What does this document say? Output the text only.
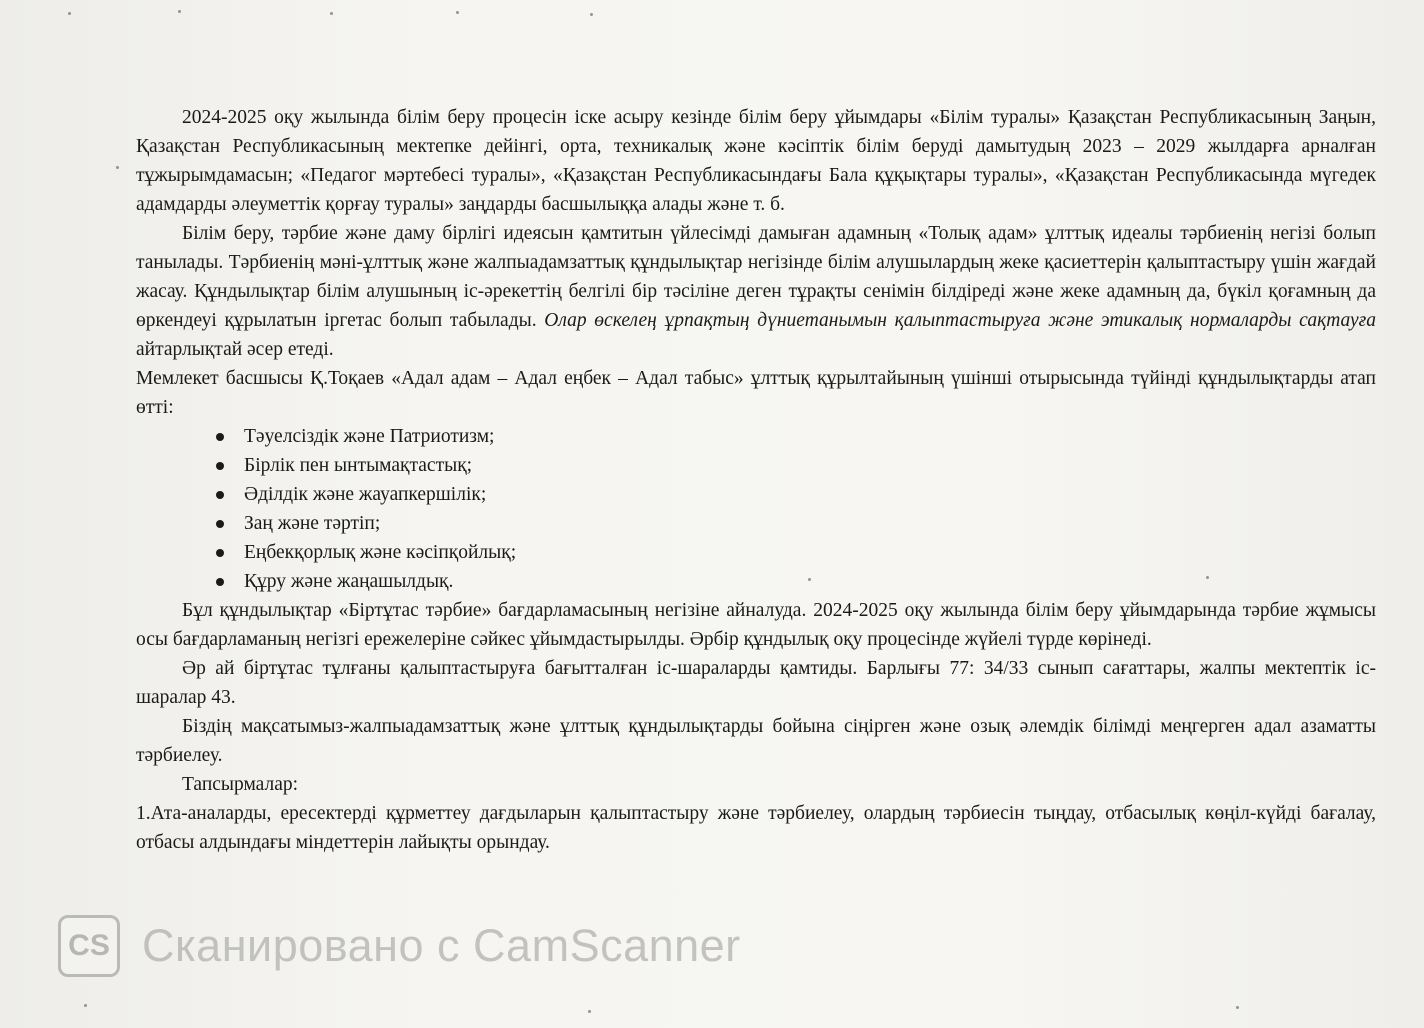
2024-2025 оқу жылында білім беру процесін іске асыру кезінде білім беру ұйымдары «Білім туралы» Қазақстан Республикасының Заңын, Қазақстан Республикасының мектепке дейінгі, орта, техникалық және кәсіптік білім беруді дамытудың 2023 – 2029 жылдарға арналған тұжырымдамасын; «Педагог мәртебесі туралы», «Қазақстан Республикасындағы Бала құқықтары туралы», «Қазақстан Республикасында мүгедек адамдарды әлеуметтік қорғау туралы» заңдарды басшылыққа алады және т. б.

Білім беру, тәрбие және даму бірлігі идеясын қамтитын үйлесімді дамыған адамның «Толық адам» ұлттық идеалы тәрбиенің негізі болып танылады. Тәрбиенің мәні-ұлттық және жалпыадамзаттық құндылықтар негізінде білім алушылардың жеке қасиеттерін қалыптастыру үшін жағдай жасау. Құндылықтар білім алушының іс-әрекеттің белгілі бір тәсіліне деген тұрақты сенімін білдіреді және жеке адамның да, бүкіл қоғамның да өркендеуі құрылатын іргетас болып табылады. Олар өскелең ұрпақтың дүниетанымын қалыптастыруға және этикалық нормаларды сақтауға айтарлықтай әсер етеді.

Мемлекет басшысы Қ.Тоқаев «Адал адам – Адал еңбек – Адал табыс» ұлттық құрылтайының үшінші отырысында түйінді құндылықтарды атап өтті:

Тәуелсіздік және Патриотизм;
Бірлік пен ынтымақтастық;
Әділдік және жауапкершілік;
Заң және тәртіп;
Еңбекқорлық және кәсіпқойлық;
Құру және жаңашылдық.

Бұл құндылықтар «Біртұтас тәрбие» бағдарламасының негізіне айналуда. 2024-2025 оқу жылында білім беру ұйымдарында тәрбие жұмысы осы бағдарламаның негізгі ережелеріне сәйкес ұйымдастырылды. Әрбір құндылық оқу процесінде жүйелі түрде көрінеді.

Әр ай біртұтас тұлғаны қалыптастыруға бағытталған іс-шараларды қамтиды. Барлығы 77: 34/33 сынып сағаттары, жалпы мектептік іс-шаралар 43.

Біздің мақсатымыз-жалпыадамзаттық және ұлттық құндылықтарды бойына сіңірген және озық әлемдік білімді меңгерген адал азаматты тәрбиелеу.

Тапсырмалар:

1.Ата-аналарды, ересектерді құрметтеу дағдыларын қалыптастыру және тәрбиелеу, олардың тәрбиесін тыңдау, отбасылық көңіл-күйді бағалау, отбасы алдындағы міндеттерін лайықты орындау.

CS Сканировано с CamScanner
